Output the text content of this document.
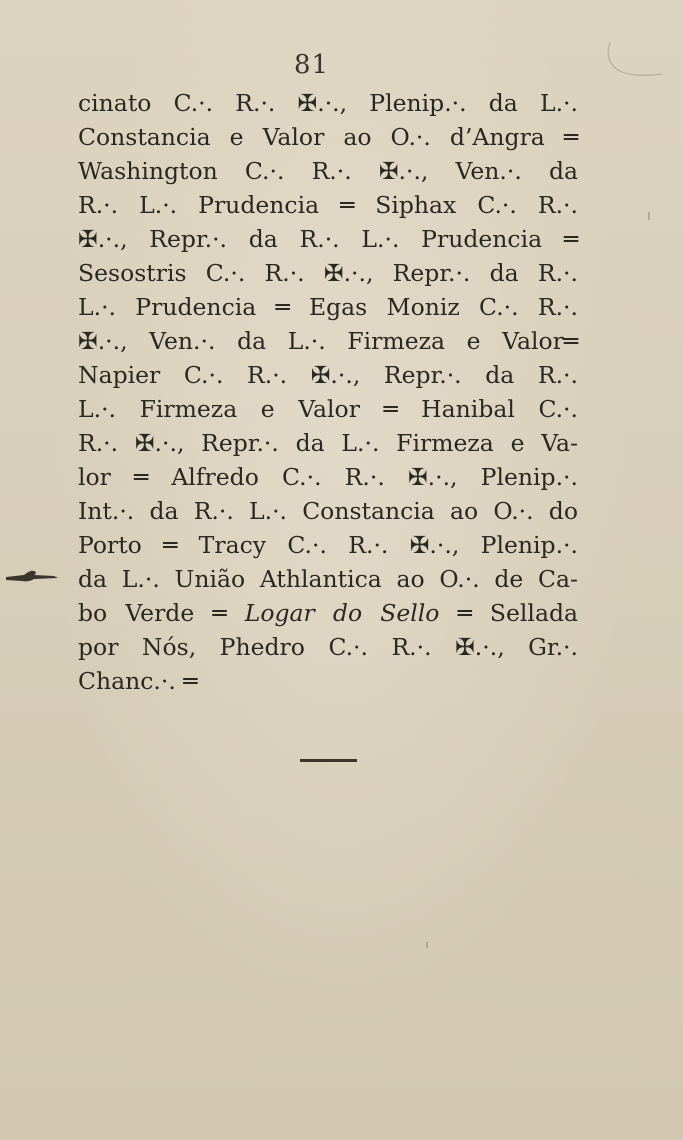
81
cinato C.·. R.·. ✠.·., Plenip.·. da L.·.
Constancia e Valor ao O.·. d’Angra ═
Washington C.·. R.·. ✠.·., Ven.·. da
R.·. L.·. Prudencia ═ Siphax C.·. R.·.
✠.·., Repr.·. da R.·. L.·. Prudencia ═
Sesostris C.·. R.·. ✠.·., Repr.·. da R.·.
L.·. Prudencia ═ Egas Moniz C.·. R.·.
✠.·., Ven.·. da L.·. Firmeza e Valor═
Napier C.·. R.·. ✠.·., Repr.·. da R.·.
L.·. Firmeza e Valor ═ Hanibal C.·.
R.·. ✠.·., Repr.·. da L.·. Firmeza e Va-
lor ═ Alfredo C.·. R.·. ✠.·., Plenip.·.
Int.·. da R.·. L.·. Constancia ao O.·. do
Porto ═ Tracy C.·. R.·. ✠.·., Plenip.·.
da L.·. União Athlantica ao O.·. de Ca-
bo Verde ═ Logar do Sello ═ Sellada
por Nós, Phedro C.·. R.·. ✠.·., Gr.·.
Chanc.·. ═
